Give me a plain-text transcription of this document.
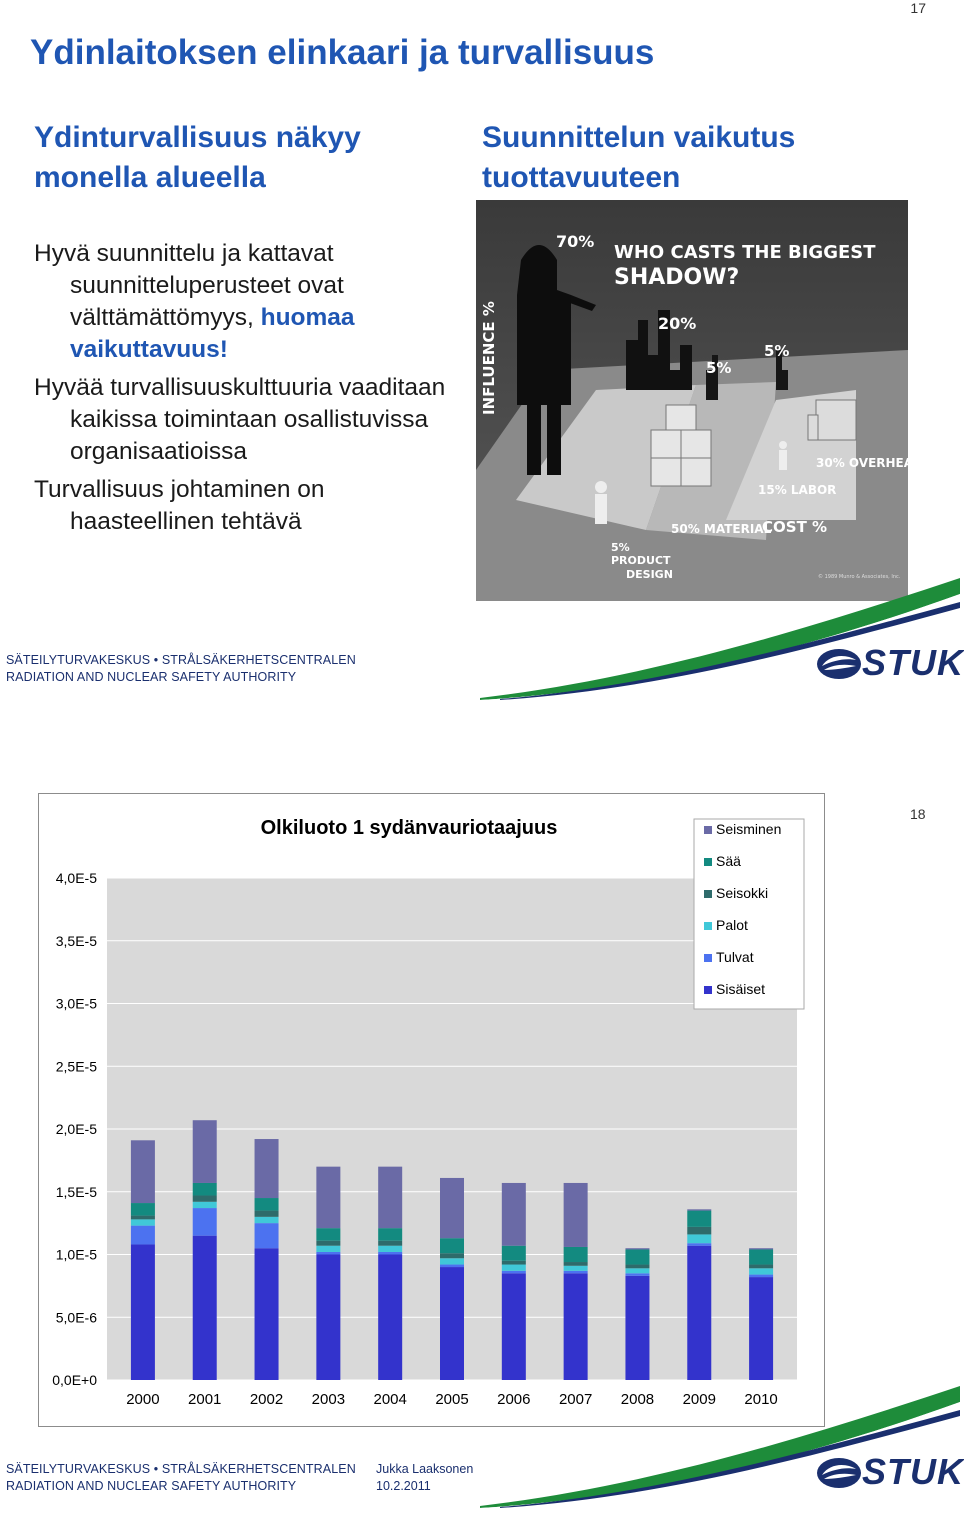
17
Ydinlaitoksen elinkaari ja turvallisuus
Ydinturvallisuus näkyy
monella alueella
Suunnittelun vaikutus
tuottavuuteen

Hyvä suunnittelu ja kattavat suunnitteluperusteet ovat välttämättömyys, huomaa vaikuttavuus!

Hyvää turvallisuuskulttuuria vaaditaan kaikissa toimintaan osallistuvissa organisaatioissa

Turvallisuus johtaminen on haasteellinen tehtävä

WHO CASTS THE BIGGEST
SHADOW?
INFLUENCE %
70%
20%
5%
5%
30% OVERHEAD
15% LABOR
50% MATERIAL
COST %
5%
PRODUCT
DESIGN	© 1989 Munro & Associates, Inc.
SÄTEILYTURVAKESKUS • STRÅLSÄKERHETSCENTRALEN
RADIATION AND NUCLEAR SAFETY AUTHORITY	STUK
18
0,0E+0
5,0E-6
1,0E-5
1,5E-5
2,0E-5
2,5E-5
3,0E-5
3,5E-5
4,0E-5
2000 2001 2002 2003 2004 2005 2006 2007 2008 2009 2010
Olkiluoto 1 sydänvauriotaajuus	Seisminen
Sää
Seisokki
Palot
Tulvat
Sisäiset
SÄTEILYTURVAKESKUS • STRÅLSÄKERHETSCENTRALEN
RADIATION AND NUCLEAR SAFETY AUTHORITY
Jukka Laaksonen
10.2.2011	STUK
